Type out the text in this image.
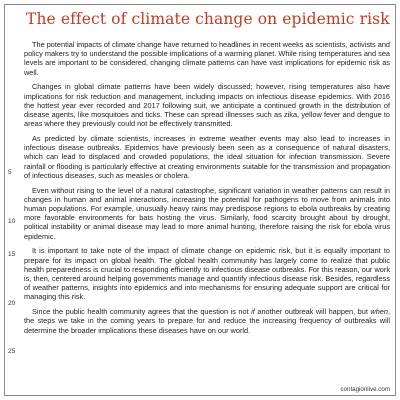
The effect of climate change on epidemic risk
5
10
15
20
25

The potential impacts of climate change have returned to headlines in recent weeks as scientists, activists and policy makers try to understand the possible implications of a warming planet. While rising temperatures and sea levels are important to be considered, changing climate patterns can have vast implications for epidemic risk as well.

Changes in global climate patterns have been widely discussed; however, rising temperatures also have implications for risk reduction and management, including impacts on infectious disease epidemics. With 2016 the hottest year ever recorded and 2017 following suit, we anticipate a continued growth in the distribution of disease agents, like mosquitoes and ticks. These can spread illnesses such as zika, yellow fever and dengue to areas where they previously could not be effectively transmitted.

As predicted by climate scientists, increases in extreme weather events may also lead to increases in infectious disease outbreaks. Epidemics have previously been seen as a consequence of natural disasters, which can lead to displaced and crowded populations, the ideal situation for infection transmission. Severe rainfall or flooding is particularly effective at creating environments suitable for the transmission and propagation of infectious diseases, such as measles or cholera.

Even without rising to the level of a natural catastrophe, significant variation in weather patterns can result in changes in human and animal interactions, increasing the potential for pathogens to move from animals into human populations. For example, unusually heavy rains may predispose regions to ebola outbreaks by creating more favorable environments for bats hosting the virus. Similarly, food scarcity brought about by drought, political instability or animal disease may lead to more animal hunting, therefore raising the risk for ebola virus epidemic.

It is important to take note of the impact of climate change on epidemic risk, but it is equally important to prepare for its impact on global health. The global health community has largely come to realize that public health preparedness is crucial to responding efficiently to infectious disease outbreaks. For this reason, our work is, then, centered around helping governments manage and quantify infectious disease risk. Besides, regardless of weather patterns, insights into epidemics and into mechanisms for ensuring adequate support are critical for managing this risk.

Since the public health community agrees that the question is not if another outbreak will happen, but when, the steps we take in the coming years to prepare for and reduce the increasing frequency of outbreaks will determine the broader implications these diseases have on our world.

contagionlive.com
